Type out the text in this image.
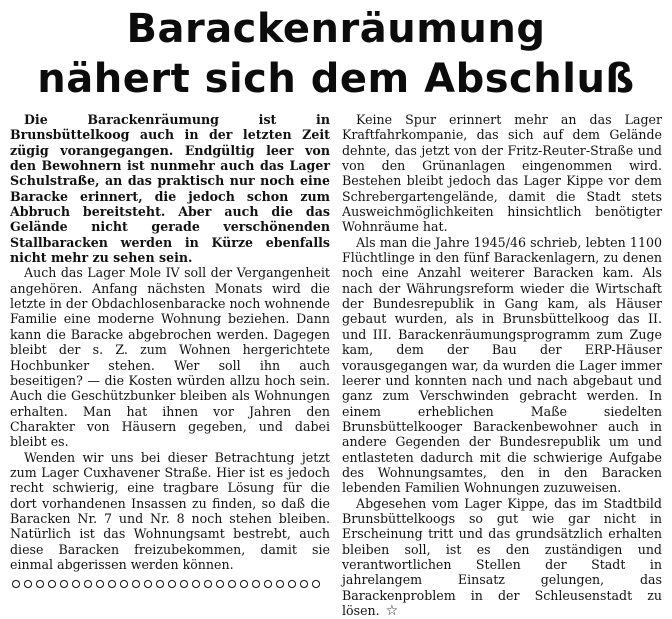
Barackenräumung
nähert sich dem Abschluß

Die Barackenräumung ist in Brunsbüttelkoog auch in der letzten Zeit zügig vorangegangen. Endgültig leer von den Bewohnern ist nunmehr auch das Lager Schulstraße, an das praktisch nur noch eine Baracke erinnert, die jedoch schon zum Abbruch bereitsteht. Aber auch die das Gelände nicht gerade verschönenden Stallbaracken werden in Kürze ebenfalls nicht mehr zu sehen sein.

Auch das Lager Mole IV soll der Vergangenheit angehören. Anfang nächsten Monats wird die letzte in der Obdachlosenbaracke noch wohnende Familie eine moderne Wohnung beziehen. Dann kann die Baracke abgebrochen werden. Dagegen bleibt der s. Z. zum Wohnen hergerichtete Hochbunker stehen. Wer soll ihn auch beseitigen? — die Kosten würden allzu hoch sein. Auch die Geschützbunker bleiben als Wohnungen erhalten. Man hat ihnen vor Jahren den Charakter von Häusern gegeben, und dabei bleibt es.

Wenden wir uns bei dieser Betrachtung jetzt zum Lager Cuxhavener Straße. Hier ist es jedoch recht schwierig, eine tragbare Lösung für die dort vorhandenen Insassen zu finden, so daß die Baracken Nr. 7 und Nr. 8 noch stehen bleiben. Natürlich ist das Wohnungsamt bestrebt, auch diese Baracken freizubekommen, damit sie einmal abgerissen werden können.

Keine Spur erinnert mehr an das Lager Kraftfahrkompanie, das sich auf dem Gelände dehnte, das jetzt von der Fritz-Reuter-Straße und von den Grünanlagen eingenommen wird. Bestehen bleibt jedoch das Lager Kippe vor dem Schrebergartengelände, damit die Stadt stets Ausweichmöglichkeiten hinsichtlich benötigter Wohnräume hat.

Als man die Jahre 1945/46 schrieb, lebten 1100 Flüchtlinge in den fünf Barackenlagern, zu denen noch eine Anzahl weiterer Baracken kam. Als nach der Währungsreform wieder die Wirtschaft der Bundesrepublik in Gang kam, als Häuser gebaut wurden, als in Brunsbüttelkoog das II. und III. Barackenräumungsprogramm zum Zuge kam, dem der Bau der ERP-Häuser vorausgegangen war, da wurden die Lager immer leerer und konnten nach und nach abgebaut und ganz zum Verschwinden gebracht werden. In einem erheblichen Maße siedelten Brunsbüttelkooger Barackenbewohner auch in andere Gegenden der Bundesrepublik um und entlasteten dadurch mit die schwierige Aufgabe des Wohnungsamtes, den in den Baracken lebenden Familien Wohnungen zuzuweisen.

Abgesehen vom Lager Kippe, das im Stadtbild Brunsbüttelkoogs so gut wie gar nicht in Erscheinung tritt und das grundsätzlich erhalten bleiben soll, ist es den zuständigen und verantwortlichen Stellen der Stadt in jahrelangem Einsatz gelungen, das Barackenproblem in der Schleusenstadt zu lösen. ☆
